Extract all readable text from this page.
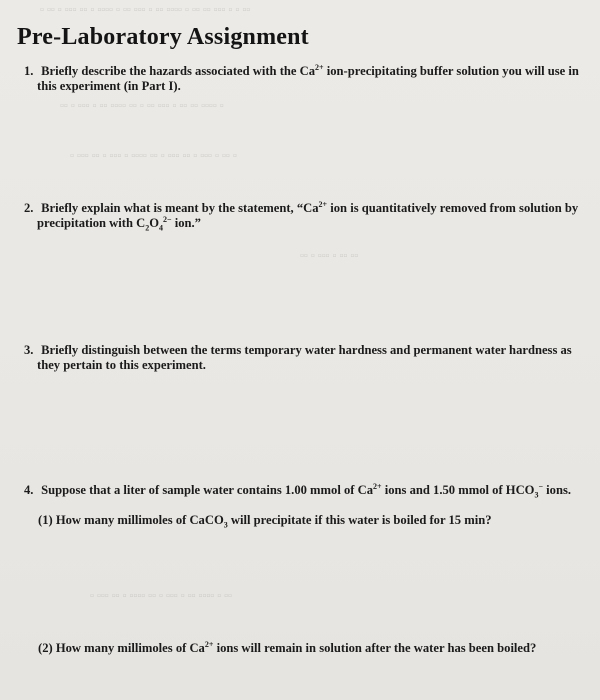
Pre-Laboratory Assignment
1. Briefly describe the hazards associated with the $Ca^{2+}$ ion-precipitating buffer solution you will use in
this experiment (in Part I).
2. Briefly explain what is meant by the statement, “$Ca^{2+}$ ion is quantitatively removed from solution by
precipitation with $C_2O_4^{2-}$ ion.”
3. Briefly distinguish between the terms temporary water hardness and permanent water hardness as
they pertain to this experiment.
4. Suppose that a liter of sample water contains 1.00 mmol of $Ca^{2+}$ ions and 1.50 mmol of $HCO_3^-$ ions.
(1) How many millimoles of CaCO$_3$ will precipitate if this water is boiled for 15 min?
(2) How many millimoles of $Ca^{2+}$ ions will remain in solution after the water has been boiled?
▫ ▫▫ ▫ ▫▫▫ ▫▫ ▫ ▫▫▫▫ ▫ ▫▫ ▫▫▫ ▫ ▫▫ ▫▫▫▫ ▫ ▫▫ ▫▫ ▫▫▫ ▫ ▫ ▫▫
▫▫ ▫ ▫▫▫ ▫ ▫▫ ▫▫▫▫ ▫▫ ▫ ▫▫ ▫▫▫ ▫ ▫▫ ▫▫ ▫▫▫▫ ▫
▫ ▫▫▫ ▫▫ ▫ ▫▫▫ ▫ ▫▫▫▫ ▫▫ ▫ ▫▫▫ ▫▫ ▫ ▫▫▫ ▫ ▫▫ ▫
▫▫ ▫ ▫▫▫ ▫ ▫▫ ▫▫
▫ ▫▫▫ ▫▫ ▫ ▫▫▫▫ ▫▫ ▫ ▫▫▫ ▫ ▫▫ ▫▫▫▫ ▫ ▫▫
